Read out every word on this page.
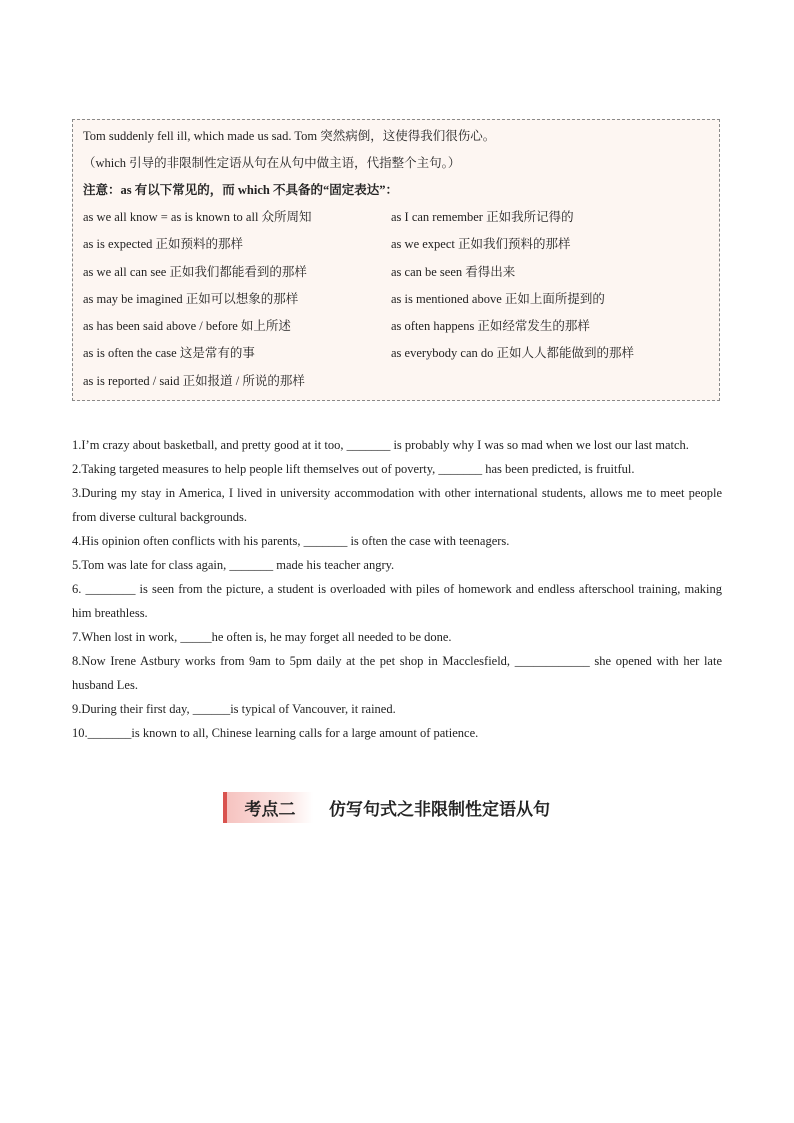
Tom suddenly fell ill, which made us sad. Tom 突然病倒，这使得我们很伤心。
（which 引导的非限制性定语从句在从句中做主语，代指整个主句。）
注意：as 有以下常见的，而 which 不具备的“固定表达”：
as we all know = as is known to all 众所周知	as I can remember 正如我所记得的
as is expected 正如预料的那样	as we expect 正如我们预料的那样
as we all can see 正如我们都能看到的那样	as can be seen 看得出来
as may be imagined 正如可以想象的那样	as is mentioned above 正如上面所提到的
as has been said above / before 如上所述	as often happens 正如经常发生的那样
as is often the case 这是常有的事	as everybody can do 正如人人都能做到的那样
as is reported / said 正如报道 / 所说的那样
1.I’m crazy about basketball, and pretty good at it too, _______ is probably why I was so mad when we lost our last match.
2.Taking targeted measures to help people lift themselves out of poverty, _______ has been predicted, is fruitful.
3.During my stay in America, I lived in university accommodation with other international students, allows me to meet people from diverse cultural backgrounds.
4.His opinion often conflicts with his parents, _______ is often the case with teenagers.
5.Tom was late for class again, _______ made his teacher angry.
6. ________ is seen from the picture, a student is overloaded with piles of homework and endless afterschool training, making him breathless.
7.When lost in work, _____he often is, he may forget all needed to be done.
8.Now Irene Astbury works from 9am to 5pm daily at the pet shop in Macclesfield, ____________ she opened with her late husband Les.
9.During their first day, ______is typical of Vancouver, it rained.
10._______is known to all, Chinese learning calls for a large amount of patience.
考点二	仿写句式之非限制性定语从句
